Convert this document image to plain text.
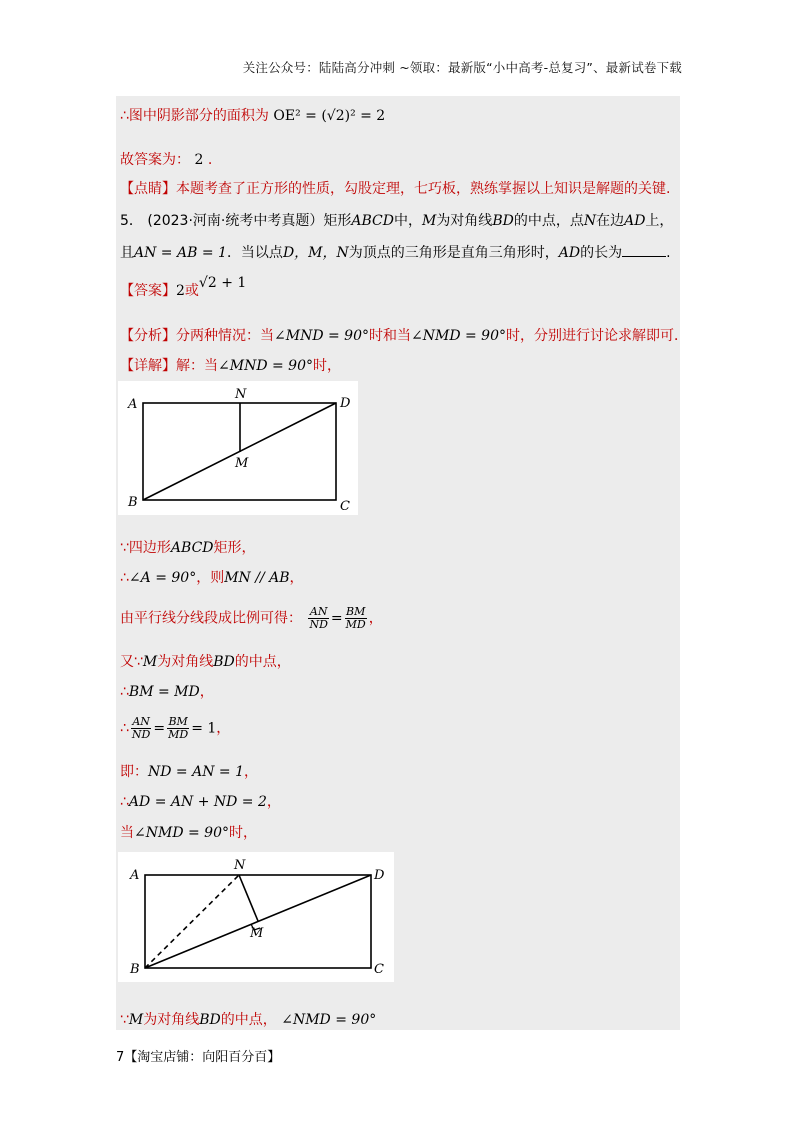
关注公众号：陆陆高分冲刺 ~领取：最新版“小中高考-总复习”、最新试卷下载
∴图中阴影部分的面积为 OE² = (√2)² = 2
故答案为： 2 .
【点睛】本题考查了正方形的性质，勾股定理，七巧板，熟练掌握以上知识是解题的关键.
5． (2023·河南·统考中考真题）矩形ABCD中，M为对角线BD的中点，点N在边AD上，
且AN = AB = 1．当以点D，M，N为顶点的三角形是直角三角形时，AD的长为	.
【答案】2或√2 + 1
【分析】分两种情况：当∠MND = 90°时和当∠NMD = 90°时，分别进行讨论求解即可．
【详解】解：当∠MND = 90°时，
A
B	C
D
N
M
∵四边形ABCD矩形，
∴∠A = 90°，则MN // AB，
由平行线分线段成比例可得： $\frac{AN}{ND} = \frac{BM}{MD}$ ，
又∵M为对角线BD的中点，
∴BM = MD，
∴ $\frac{AN}{ND} = \frac{BM}{MD} = 1$，
即：ND = AN = 1，
∴AD = AN + ND = 2，
当∠NMD = 90°时，
A
B	C
D
N
M
∵M为对角线BD的中点， ∠NMD = 90°
7【淘宝店铺：向阳百分百】
